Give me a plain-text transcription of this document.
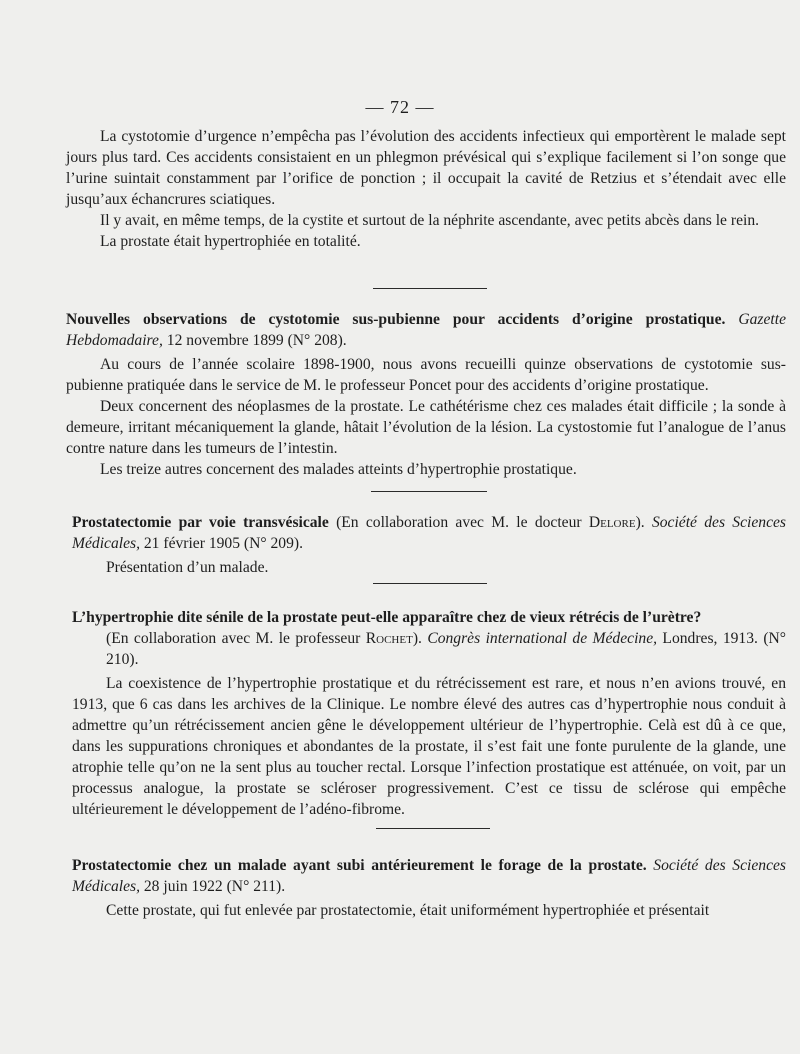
— 72 —

La cystotomie d’urgence n’empêcha pas l’évolution des accidents infectieux qui emportèrent le malade sept jours plus tard. Ces accidents consistaient en un phlegmon prévésical qui s’explique facilement si l’on songe que l’urine suintait constamment par l’orifice de ponction ; il occupait la cavité de Retzius et s’étendait avec elle jusqu’aux échancrures sciatiques.

Il y avait, en même temps, de la cystite et surtout de la néphrite ascendante, avec petits abcès dans le rein.

La prostate était hypertrophiée en totalité.

Nouvelles observations de cystotomie sus-pubienne pour accidents d’origine prostatique. Gazette Hebdomadaire, 12 novembre 1899 (N° 208).

Au cours de l’année scolaire 1898-1900, nous avons recueilli quinze observations de cystotomie sus-pubienne pratiquée dans le service de M. le professeur Poncet pour des accidents d’origine prostatique.

Deux concernent des néoplasmes de la prostate. Le cathétérisme chez ces malades était difficile ; la sonde à demeure, irritant mécaniquement la glande, hâtait l’évolution de la lésion. La cystostomie fut l’analogue de l’anus contre nature dans les tumeurs de l’intestin.

Les treize autres concernent des malades atteints d’hypertrophie prostatique.

Prostatectomie par voie transvésicale (En collaboration avec M. le docteur Delore). Société des Sciences Médicales, 21 février 1905 (N° 209).

Présentation d’un malade.

L’hypertrophie dite sénile de la prostate peut-elle apparaître chez de vieux rétrécis de l’urètre?
(En collaboration avec M. le professeur Rochet). Congrès international de Médecine, Londres, 1913. (N° 210).

La coexistence de l’hypertrophie prostatique et du rétrécissement est rare, et nous n’en avions trouvé, en 1913, que 6 cas dans les archives de la Clinique. Le nombre élevé des autres cas d’hypertrophie nous conduit à admettre qu’un rétrécissement ancien gêne le développement ultérieur de l’hypertrophie. Celà est dû à ce que, dans les suppurations chroniques et abondantes de la prostate, il s’est fait une fonte purulente de la glande, une atrophie telle qu’on ne la sent plus au toucher rectal. Lorsque l’infection prostatique est atténuée, on voit, par un processus analogue, la prostate se scléroser progressivement. C’est ce tissu de sclérose qui empêche ultérieurement le développement de l’adéno-fibrome.

Prostatectomie chez un malade ayant subi antérieurement le forage de la prostate. Société des Sciences Médicales, 28 juin 1922 (N° 211).

Cette prostate, qui fut enlevée par prostatectomie, était uniformément hypertrophiée et présentait
